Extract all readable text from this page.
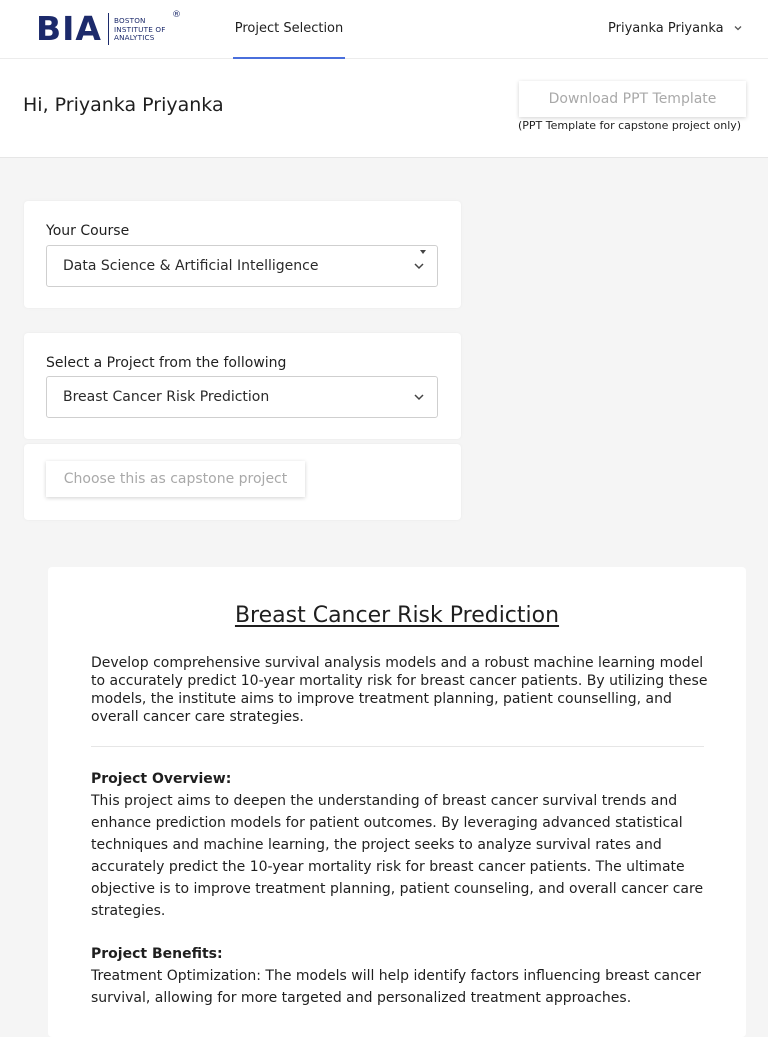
BIA BOSTON
INSTITUTE OF
ANALYTICS
®
Project Selection	Priyanka Priyanka
Hi, Priyanka Priyanka	Download PPT Template
(PPT Template for capstone project only)
Your Course
Data Science & Artificial Intelligence
Select a Project from the following
Breast Cancer Risk Prediction
Choose this as capstone project
Breast Cancer Risk Prediction
Develop comprehensive survival analysis models and a robust machine learning model to accurately predict 10-year mortality risk for breast cancer patients. By utilizing these models, the institute aims to improve treatment planning, patient counselling, and overall cancer care strategies.
Project Overview:
This project aims to deepen the understanding of breast cancer survival trends and enhance prediction models for patient outcomes. By leveraging advanced statistical techniques and machine learning, the project seeks to analyze survival rates and accurately predict the 10-year mortality risk for breast cancer patients. The ultimate objective is to improve treatment planning, patient counseling, and overall cancer care strategies.
Project Benefits:
Treatment Optimization: The models will help identify factors influencing breast cancer survival, allowing for more targeted and personalized treatment approaches.
